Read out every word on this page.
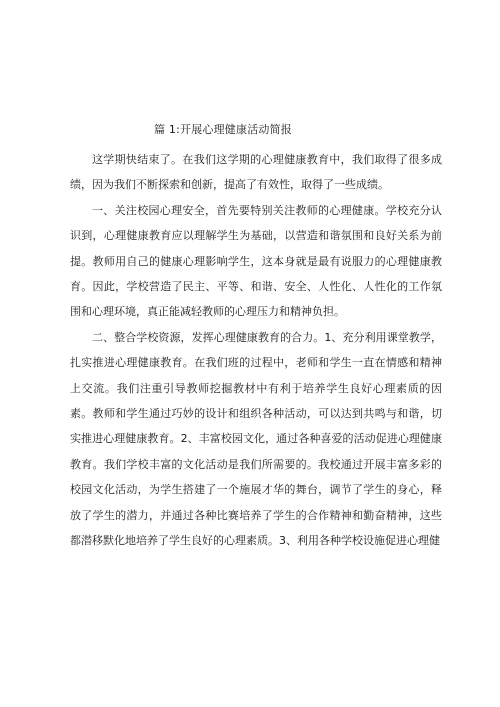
篇 1:开展心理健康活动简报

这学期快结束了。在我们这学期的心理健康教育中，我们取得了很多成绩，因为我们不断探索和创新，提高了有效性，取得了一些成绩。

一、关注校园心理安全，首先要特别关注教师的心理健康。学校充分认识到，心理健康教育应以理解学生为基础，以营造和谐氛围和良好关系为前提。教师用自己的健康心理影响学生，这本身就是最有说服力的心理健康教育。因此，学校营造了民主、平等、和谐、安全、人性化、人性化的工作氛围和心理环境，真正能减轻教师的心理压力和精神负担。

二、整合学校资源，发挥心理健康教育的合力。1、充分利用课堂教学，扎实推进心理健康教育。在我们班的过程中，老师和学生一直在情感和精神上交流。我们注重引导教师挖掘教材中有利于培养学生良好心理素质的因素。教师和学生通过巧妙的设计和组织各种活动，可以达到共鸣与和谐，切实推进心理健康教育。2、丰富校园文化，通过各种喜爱的活动促进心理健康教育。我们学校丰富的文化活动是我们所需要的。我校通过开展丰富多彩的校园文化活动，为学生搭建了一个施展才华的舞台，调节了学生的身心，释放了学生的潜力，并通过各种比赛培养了学生的合作精神和勤奋精神，这些都潜移默化地培养了学生良好的心理素质。3、利用各种学校设施促进心理健
